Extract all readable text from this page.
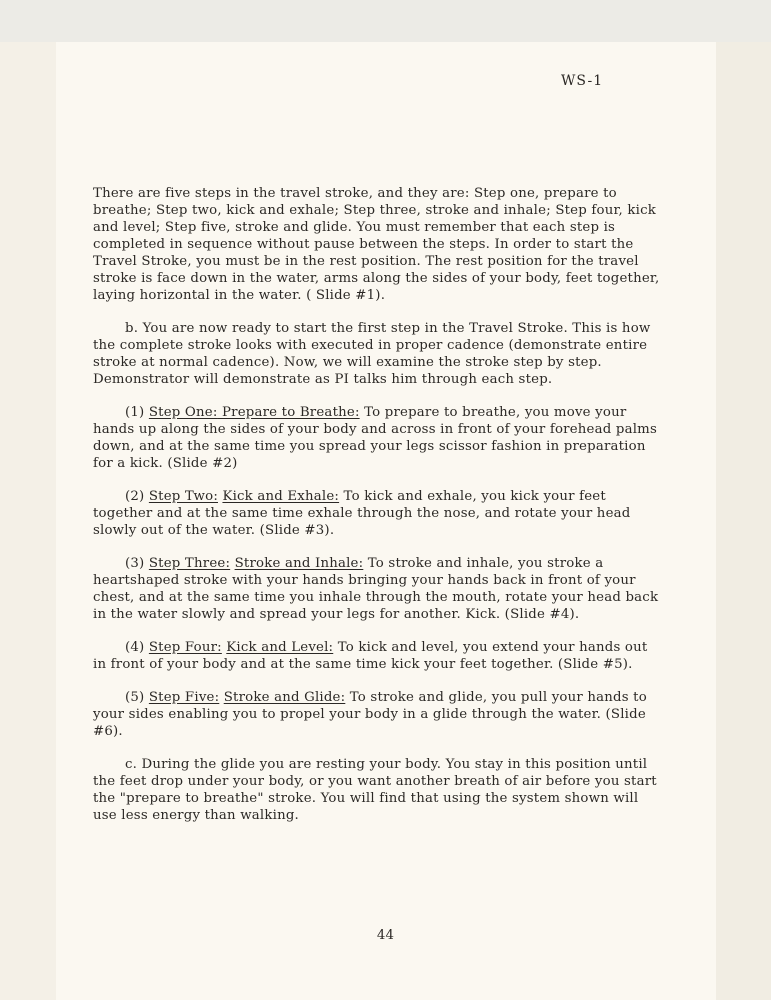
WS-1

There are five steps in the travel stroke, and they are: Step one, prepare to breathe; Step two, kick and exhale; Step three, stroke and inhale; Step four, kick and level; Step five, stroke and glide. You must remember that each step is completed in sequence without pause between the steps. In order to start the Travel Stroke, you must be in the rest position. The rest position for the travel stroke is face down in the water, arms along the sides of your body, feet together, laying horizontal in the water. ( Slide #1).

b. You are now ready to start the first step in the Travel Stroke. This is how the complete stroke looks with executed in proper cadence (demonstrate entire stroke at normal cadence). Now, we will examine the stroke step by step. Demonstrator will demonstrate as PI talks him through each step.

(1) Step One: Prepare to Breathe: To prepare to breathe, you move your hands up along the sides of your body and across in front of your forehead palms down, and at the same time you spread your legs scissor fashion in preparation for a kick. (Slide #2)

(2) Step Two: Kick and Exhale: To kick and exhale, you kick your feet together and at the same time exhale through the nose, and rotate your head slowly out of the water. (Slide #3).

(3) Step Three: Stroke and Inhale: To stroke and inhale, you stroke a heartshaped stroke with your hands bringing your hands back in front of your chest, and at the same time you inhale through the mouth, rotate your head back in the water slowly and spread your legs for another. Kick. (Slide #4).

(4) Step Four: Kick and Level: To kick and level, you extend your hands out in front of your body and at the same time kick your feet together. (Slide #5).

(5) Step Five: Stroke and Glide: To stroke and glide, you pull your hands to your sides enabling you to propel your body in a glide through the water. (Slide #6).

c. During the glide you are resting your body. You stay in this position until the feet drop under your body, or you want another breath of air before you start the "prepare to breathe" stroke. You will find that using the system shown will use less energy than walking.

44
